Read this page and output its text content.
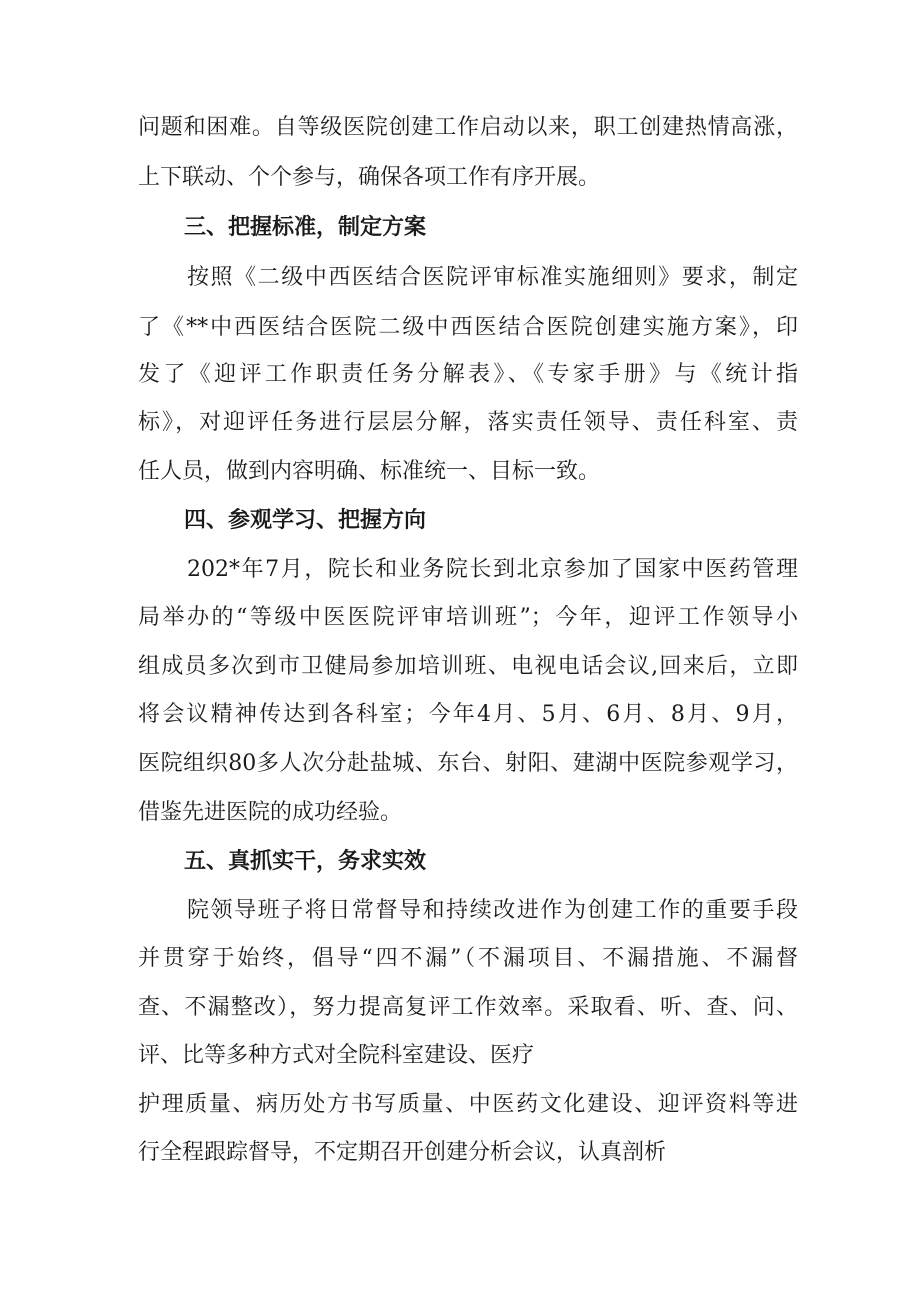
问题和困难。自等级医院创建工作启动以来，职工创建热情高涨，
上下联动、个个参与，确保各项工作有序开展。
三、把握标准，制定方案
按照《二级中西医结合医院评审标准实施细则》要求，制定
了《**中西医结合医院二级中西医结合医院创建实施方案》，印
发了《迎评工作职责任务分解表》、《专家手册》与《统计指
标》，对迎评任务进行层层分解，落实责任领导、责任科室、责
任人员，做到内容明确、标准统一、目标一致。
四、参观学习、把握方向
202*年7月，院长和业务院长到北京参加了国家中医药管理
局举办的“等级中医医院评审培训班”；今年，迎评工作领导小
组成员多次到市卫健局参加培训班、电视电话会议,回来后，立即
将会议精神传达到各科室；今年4月、5月、6月、8月、9月，
医院组织80多人次分赴盐城、东台、射阳、建湖中医院参观学习，
借鉴先进医院的成功经验。
五、真抓实干，务求实效
院领导班子将日常督导和持续改进作为创建工作的重要手段
并贯穿于始终，倡导“四不漏”（不漏项目、不漏措施、不漏督
查、不漏整改），努力提高复评工作效率。采取看、听、查、问、
评、比等多种方式对全院科室建设、医疗
护理质量、病历处方书写质量、中医药文化建设、迎评资料等进
行全程跟踪督导，不定期召开创建分析会议，认真剖析
